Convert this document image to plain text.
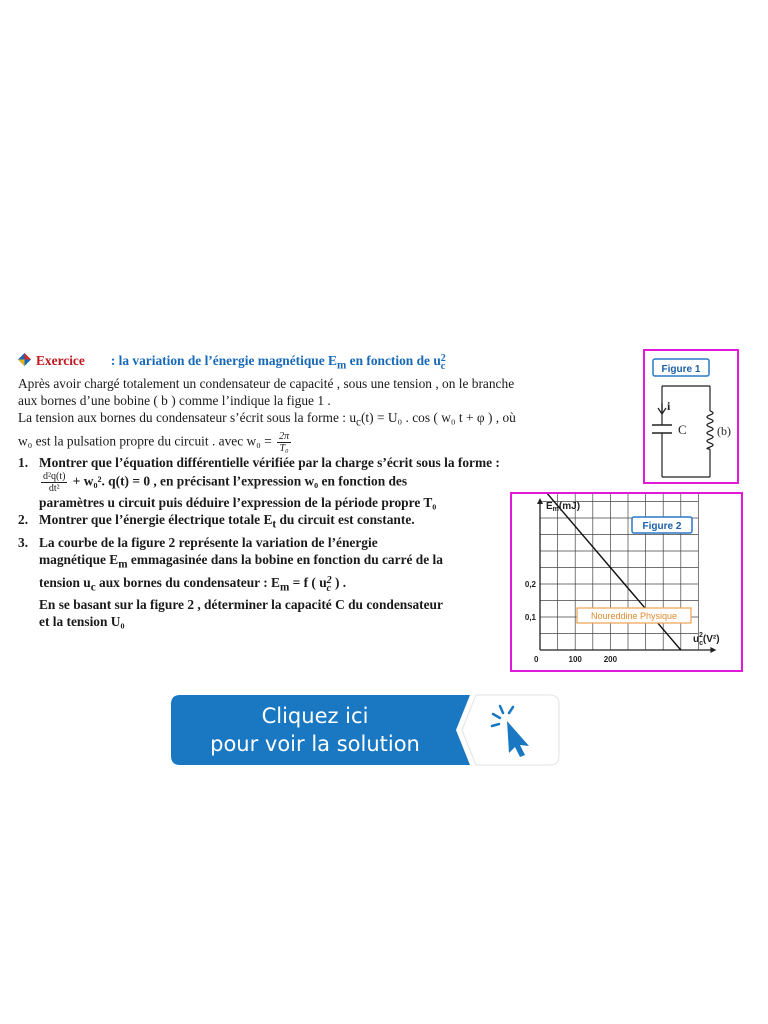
Exercice : la variation de l’énergie magnétique $E_m$ en fonction de u 2
c

Après avoir chargé totalement un condensateur de capacité , sous une tension , on le branche

aux bornes d’une bobine ( b ) comme l’indique la figue 1 .

La tension aux bornes du condensateur s’écrit sous la forme : $u_c(t) = U_0$ . cos ( w₀ t + φ ) , où

w₀ est la pulsation propre du circuit . avec $w_0 = \frac{2\pi}{\text{T₀}}$

1. Montrer que l’équation différentielle vérifiée par la charge s’écrit sous la forme :

$\frac{\text{d²q(t)}}{\text{dt²}} + w_0^2$. q(t) = 0 , en précisant l’expression w₀ en fonction des
paramètres u circuit puis déduire l’expression de la période propre T₀
2. Montrer que l’énergie électrique totale $E_t$ du circuit est constante.
3. La courbe de la figure 2 représente la variation de l’énergie
magnétique $E_m$ emmagasinée dans la bobine en fonction du carré de la
tension $u_c$ aux bornes du condensateur : $E_m = f$ ( u 2
c ) .
En se basant sur la figure 2 , déterminer la capacité C du condensateur
et la tension U₀
Figure 1
i
C	(b)
100	200
0,1
0,2
$E_m(mJ)$
$u_c2(V^2)$
0
Figure 2
Noureddine Physique
Cliquez ici
pour voir la solution
